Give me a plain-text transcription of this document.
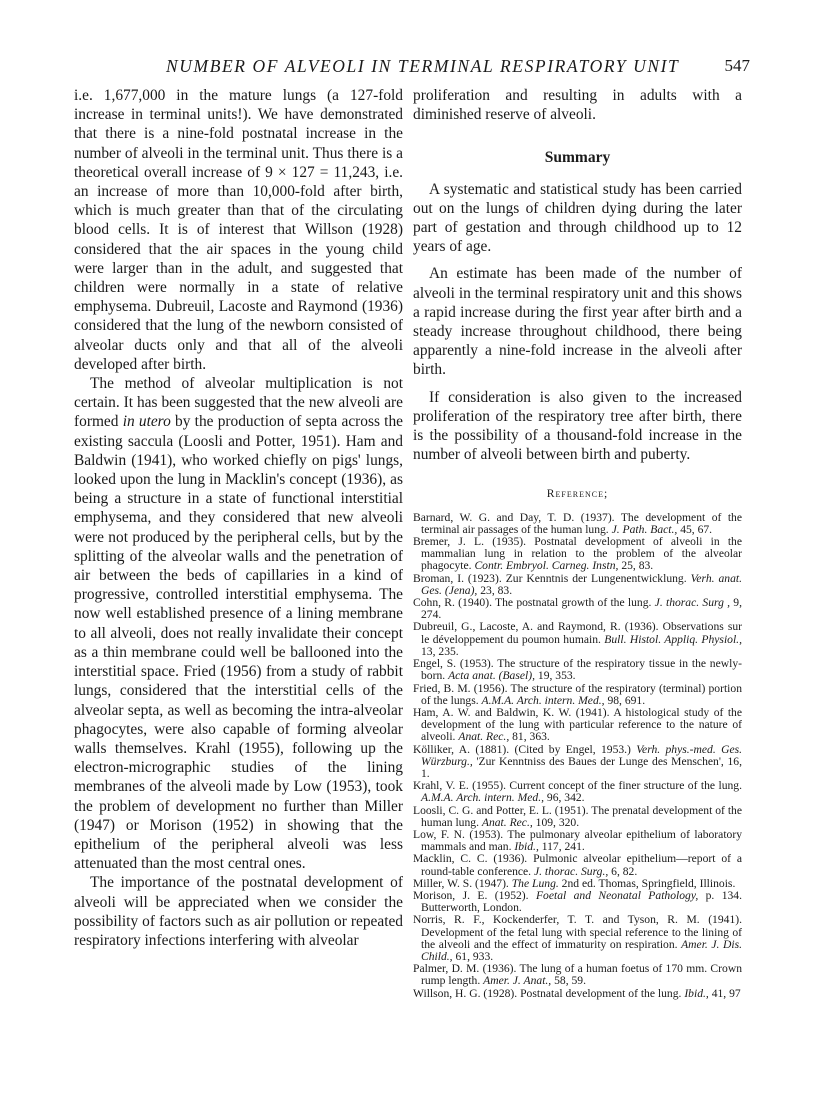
NUMBER OF ALVEOLI IN TERMINAL RESPIRATORY UNIT	547

i.e. 1,677,000 in the mature lungs (a 127-fold increase in terminal units!). We have demonstrated that there is a nine-fold postnatal increase in the number of alveoli in the terminal unit. Thus there is a theoretical overall increase of 9 × 127 = 11,243, i.e. an increase of more than 10,000-fold after birth, which is much greater than that of the circulating blood cells. It is of interest that Willson (1928) considered that the air spaces in the young child were larger than in the adult, and suggested that children were normally in a state of relative emphysema. Dubreuil, Lacoste and Raymond (1936) considered that the lung of the newborn consisted of alveolar ducts only and that all of the alveoli developed after birth.

The method of alveolar multiplication is not certain. It has been suggested that the new alveoli are formed in utero by the production of septa across the existing saccula (Loosli and Potter, 1951). Ham and Baldwin (1941), who worked chiefly on pigs' lungs, looked upon the lung in Macklin's concept (1936), as being a structure in a state of functional interstitial emphysema, and they considered that new alveoli were not produced by the peripheral cells, but by the splitting of the alveolar walls and the penetration of air between the beds of capillaries in a kind of progressive, controlled interstitial emphysema. The now well established presence of a lining membrane to all alveoli, does not really invalidate their concept as a thin membrane could well be ballooned into the interstitial space. Fried (1956) from a study of rabbit lungs, considered that the interstitial cells of the alveolar septa, as well as becoming the intra-alveolar phagocytes, were also capable of forming alveolar walls themselves. Krahl (1955), following up the electron-micrographic studies of the lining membranes of the alveoli made by Low (1953), took the problem of development no further than Miller (1947) or Morison (1952) in showing that the epithelium of the peripheral alveoli was less attenuated than the most central ones.

The importance of the postnatal development of alveoli will be appreciated when we consider the possibility of factors such as air pollution or repeated respiratory infections interfering with alveolar

proliferation and resulting in adults with a diminished reserve of alveoli.

Summary

A systematic and statistical study has been carried out on the lungs of children dying during the later part of gestation and through childhood up to 12 years of age.

An estimate has been made of the number of alveoli in the terminal respiratory unit and this shows a rapid increase during the first year after birth and a steady increase throughout childhood, there being apparently a nine-fold increase in the alveoli after birth.

If consideration is also given to the increased proliferation of the respiratory tree after birth, there is the possibility of a thousand-fold increase in the number of alveoli between birth and puberty.

Reference;

Barnard, W. G. and Day, T. D. (1937). The development of the terminal air passages of the human lung. J. Path. Bact., 45, 67.

Bremer, J. L. (1935). Postnatal development of alveoli in the mammalian lung in relation to the problem of the alveolar phagocyte. Contr. Embryol. Carneg. Instn, 25, 83.

Broman, I. (1923). Zur Kenntnis der Lungenentwicklung. Verh. anat. Ges. (Jena), 23, 83.

Cohn, R. (1940). The postnatal growth of the lung. J. thorac. Surg , 9, 274.

Dubreuil, G., Lacoste, A. and Raymond, R. (1936). Observations sur le développement du poumon humain. Bull. Histol. Appliq. Physiol., 13, 235.

Engel, S. (1953). The structure of the respiratory tissue in the newly-born. Acta anat. (Basel), 19, 353.

Fried, B. M. (1956). The structure of the respiratory (terminal) portion of the lungs. A.M.A. Arch. intern. Med., 98, 691.

Ham, A. W. and Baldwin, K. W. (1941). A histological study of the development of the lung with particular reference to the nature of alveoli. Anat. Rec., 81, 363.

Kölliker, A. (1881). (Cited by Engel, 1953.) Verh. phys.-med. Ges. Würzburg., 'Zur Kenntniss des Baues der Lunge des Menschen', 16, 1.

Krahl, V. E. (1955). Current concept of the finer structure of the lung. A.M.A. Arch. intern. Med., 96, 342.

Loosli, C. G. and Potter, E. L. (1951). The prenatal development of the human lung. Anat. Rec., 109, 320.

Low, F. N. (1953). The pulmonary alveolar epithelium of laboratory mammals and man. Ibid., 117, 241.

Macklin, C. C. (1936). Pulmonic alveolar epithelium—report of a round-table conference. J. thorac. Surg., 6, 82.

Miller, W. S. (1947). The Lung. 2nd ed. Thomas, Springfield, Illinois.

Morison, J. E. (1952). Foetal and Neonatal Pathology, p. 134. Butterworth, London.

Norris, R. F., Kockenderfer, T. T. and Tyson, R. M. (1941). Development of the fetal lung with special reference to the lining of the alveoli and the effect of immaturity on respiration. Amer. J. Dis. Child., 61, 933.

Palmer, D. M. (1936). The lung of a human foetus of 170 mm. Crown rump length. Amer. J. Anat., 58, 59.

Willson, H. G. (1928). Postnatal development of the lung. Ibid., 41, 97
